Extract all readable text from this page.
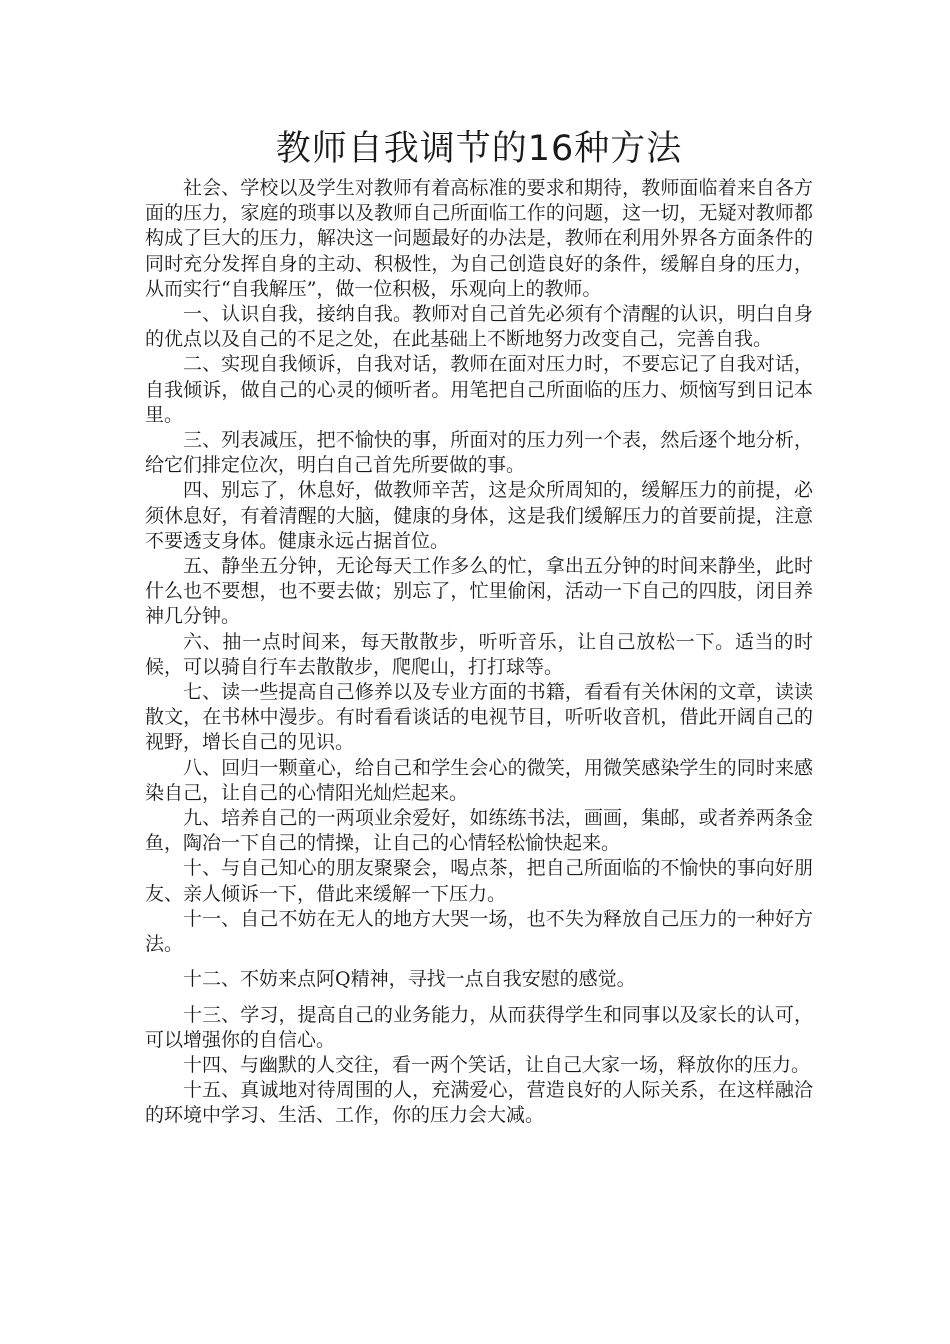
教师自我调节的16种方法

社会、学校以及学生对教师有着高标准的要求和期待，教师面临着来自各方面的压力，家庭的琐事以及教师自己所面临工作的问题，这一切，无疑对教师都构成了巨大的压力，解决这一问题最好的办法是，教师在利用外界各方面条件的同时充分发挥自身的主动、积极性，为自己创造良好的条件，缓解自身的压力，从而实行“自我解压”，做一位积极，乐观向上的教师。

一、认识自我，接纳自我。教师对自己首先必须有个清醒的认识，明白自身的优点以及自己的不足之处，在此基础上不断地努力改变自己，完善自我。

二、实现自我倾诉，自我对话，教师在面对压力时，不要忘记了自我对话，自我倾诉，做自己的心灵的倾听者。用笔把自己所面临的压力、烦恼写到日记本里。

三、列表减压，把不愉快的事，所面对的压力列一个表，然后逐个地分析，给它们排定位次，明白自己首先所要做的事。

四、别忘了，休息好，做教师辛苦，这是众所周知的，缓解压力的前提，必须休息好，有着清醒的大脑，健康的身体，这是我们缓解压力的首要前提，注意不要透支身体。健康永远占据首位。

五、静坐五分钟，无论每天工作多么的忙，拿出五分钟的时间来静坐，此时什么也不要想，也不要去做；别忘了，忙里偷闲，活动一下自己的四肢，闭目养神几分钟。

六、抽一点时间来，每天散散步，听听音乐，让自己放松一下。适当的时候，可以骑自行车去散散步，爬爬山，打打球等。

七、读一些提高自己修养以及专业方面的书籍，看看有关休闲的文章，读读散文，在书林中漫步。有时看看谈话的电视节目，听听收音机，借此开阔自己的视野，增长自己的见识。

八、回归一颗童心，给自己和学生会心的微笑，用微笑感染学生的同时来感染自己，让自己的心情阳光灿烂起来。

九、培养自己的一两项业余爱好，如练练书法，画画，集邮，或者养两条金鱼，陶冶一下自己的情操，让自己的心情轻松愉快起来。

十、与自己知心的朋友聚聚会，喝点茶，把自己所面临的不愉快的事向好朋友、亲人倾诉一下，借此来缓解一下压力。

十一、自己不妨在无人的地方大哭一场，也不失为释放自己压力的一种好方法。

十二、不妨来点阿Q精神，寻找一点自我安慰的感觉。

十三、学习，提高自己的业务能力，从而获得学生和同事以及家长的认可，可以增强你的自信心。

十四、与幽默的人交往，看一两个笑话，让自己大家一场，释放你的压力。

十五、真诚地对待周围的人，充满爱心，营造良好的人际关系，在这样融洽的环境中学习、生活、工作，你的压力会大减。
